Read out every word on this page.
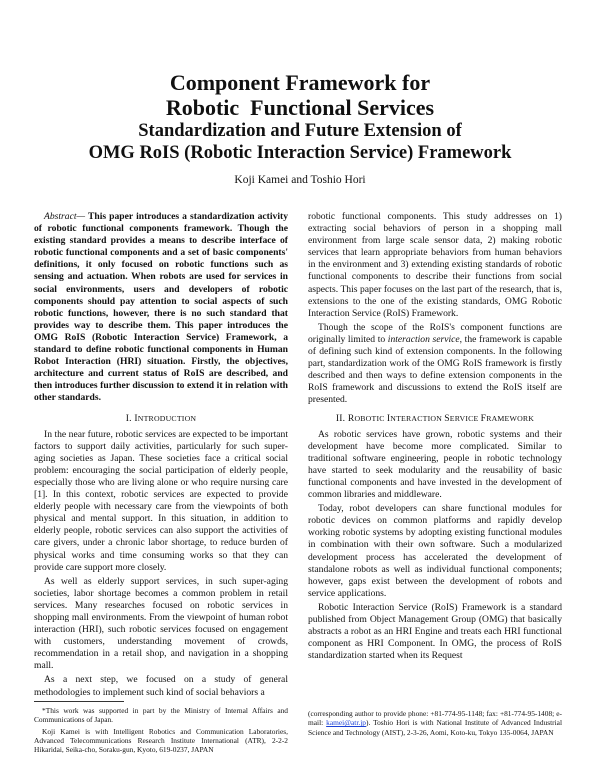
Component Framework for
Robotic  Functional Services
Standardization and Future Extension of
OMG RoIS (Robotic Interaction Service) Framework
Koji Kamei and Toshio Hori

Abstract— This paper introduces a standardization activity of robotic functional components framework. Though the existing standard provides a means to describe interface of robotic functional components and a set of basic components' definitions, it only focused on robotic functions such as sensing and actuation. When robots are used for services in social environments, users and developers of robotic components should pay attention to social aspects of such robotic functions, however, there is no such standard that provides way to describe them. This paper introduces the OMG RoIS (Robotic Interaction Service) Framework, a standard to define robotic functional components in Human Robot Interaction (HRI) situation. Firstly, the objectives, architecture and current status of RoIS are described, and then introduces further discussion to extend it in relation with other standards.

I. INTRODUCTION

In the near future, robotic services are expected to be important factors to support daily activities, particularly for such super-aging societies as Japan. These societies face a critical social problem: encouraging the social participation of elderly people, especially those who are living alone or who require nursing care [1]. In this context, robotic services are expected to provide elderly people with necessary care from the viewpoints of both physical and mental support. In this situation, in addition to elderly people, robotic services can also support the activities of care givers, under a chronic labor shortage, to reduce burden of physical works and time consuming works so that they can provide care support more closely.

As well as elderly support services, in such super-aging societies, labor shortage becomes a common problem in retail services. Many researches focused on robotic services in shopping mall environments. From the viewpoint of human robot interaction (HRI), such robotic services focused on engagement with customers, understanding movement of crowds, recommendation in a retail shop, and navigation in a shopping mall.

As a next step, we focused on a study of general methodologies to implement such kind of social behaviors a

robotic functional components. This study addresses on 1) extracting social behaviors of person in a shopping mall environment from large scale sensor data, 2) making robotic services that learn appropriate behaviors from human behaviors in the environment and 3) extending existing standards of robotic functional components to describe their functions from social aspects. This paper focuses on the last part of the research, that is, extensions to the one of the existing standards, OMG Robotic Interaction Service (RoIS) Framework.

Though the scope of the RoIS's component functions are originally limited to interaction service, the framework is capable of defining such kind of extension components. In the following part, standardization work of the OMG RoIS framework is firstly described and then ways to define extension components in the RoIS framework and discussions to extend the RoIS itself are presented.

II. ROBOTIC INTERACTION SERVICE FRAMEWORK

As robotic services have grown, robotic systems and their development have become more complicated. Similar to traditional software engineering, people in robotic technology have started to seek modularity and the reusability of basic functional components and have invested in the development of common libraries and middleware.

Today, robot developers can share functional modules for robotic devices on common platforms and rapidly develop working robotic systems by adopting existing functional modules in combination with their own software. Such a modularized development process has accelerated the development of standalone robots as well as individual functional components; however, gaps exist between the development of robots and service applications.

Robotic Interaction Service (RoIS) Framework is a standard published from Object Management Group (OMG) that basically abstracts a robot as an HRI Engine and treats each HRI functional component as HRI Component. In OMG, the process of RoIS standardization started when its Request

*This work was supported in part by the Ministry of Internal Affairs and Communications of Japan.

Koji Kamei is with Intelligent Robotics and Communication Laboratories, Advanced Telecommunications Research Institute International (ATR), 2-2-2 Hikaridai, Seika-cho, Soraku-gun, Kyoto, 619-0237, JAPAN

(corresponding author to provide phone: +81-774-95-1148; fax: +81-774-95-1408; e-mail: kamei@atr.jp). Toshio Hori is with National Institute of Advanced Industrial Science and Technology (AIST), 2-3-26, Aomi, Koto-ku, Tokyo 135-0064, JAPAN
